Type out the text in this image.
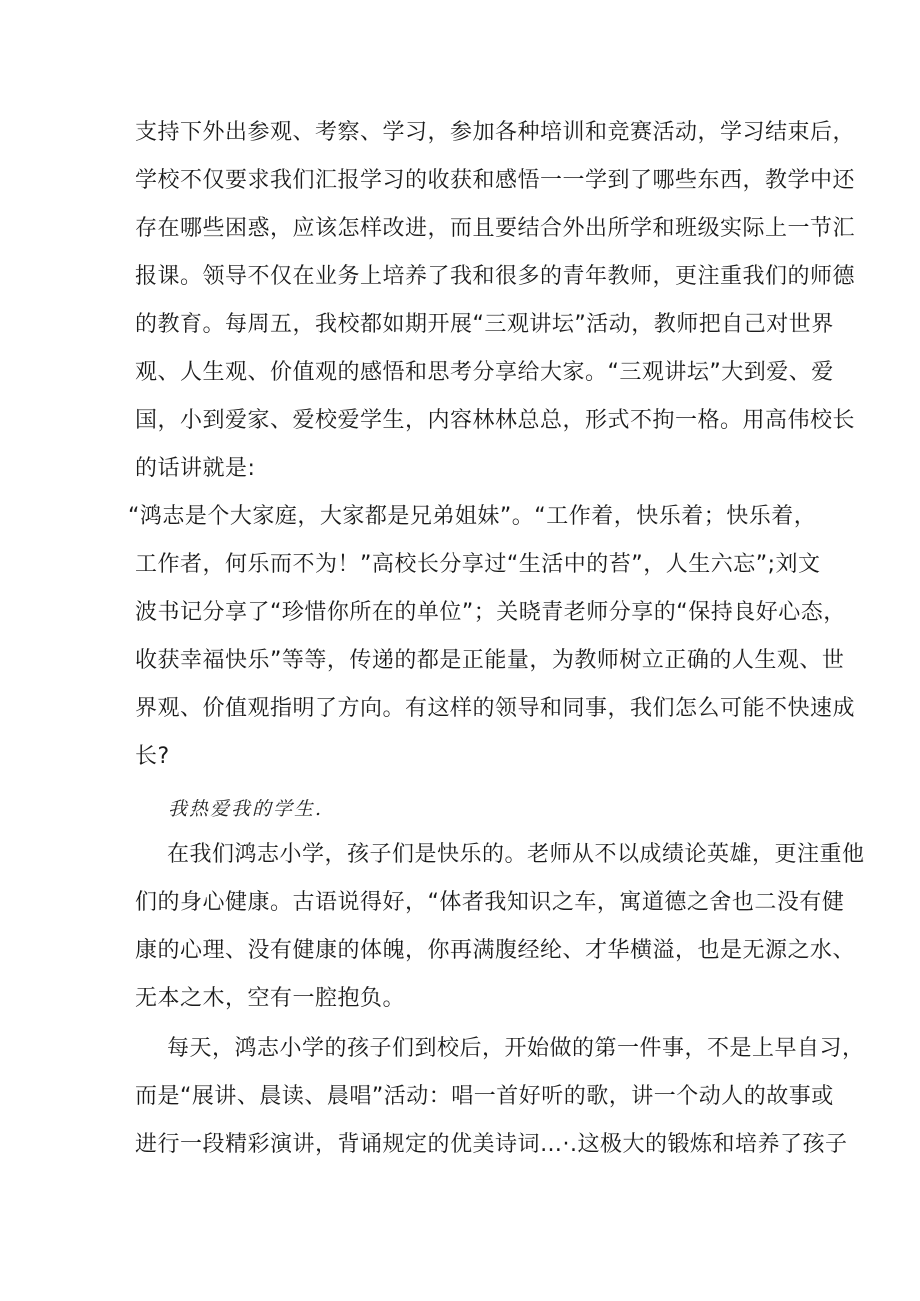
支持下外出参观、考察、学习，参加各种培训和竞赛活动，学习结束后，
学校不仅要求我们汇报学习的收获和感悟一一学到了哪些东西，教学中还
存在哪些困惑，应该怎样改进，而且要结合外出所学和班级实际上一节汇
报课。领导不仅在业务上培养了我和很多的青年教师，更注重我们的师德
的教育。每周五，我校都如期开展“三观讲坛”活动，教师把自己对世界
观、人生观、价值观的感悟和思考分享给大家。“三观讲坛”大到爱、爱
国，小到爱家、爱校爱学生，内容林林总总，形式不拘一格。用高伟校长
的话讲就是:
“鸿志是个大家庭，大家都是兄弟姐妹”。“工作着，快乐着；快乐着，
工作者，何乐而不为！”高校长分享过“生活中的苔”，人生六忘”;刘文
波书记分享了“珍惜你所在的单位”；关晓青老师分享的“保持良好心态，
收获幸福快乐”等等，传递的都是正能量，为教师树立正确的人生观、世
界观、价值观指明了方向。有这样的领导和同事，我们怎么可能不快速成
长?
我热爱我的学生.
在我们鸿志小学，孩子们是快乐的。老师从不以成绩论英雄，更注重他
们的身心健康。古语说得好，“体者我知识之车，寓道德之舍也二没有健
康的心理、没有健康的体魄，你再满腹经纶、才华横溢，也是无源之水、
无本之木，空有一腔抱负。
每天，鸿志小学的孩子们到校后，开始做的第一件事，不是上早自习，
而是“展讲、晨读、晨唱”活动：唱一首好听的歌，讲一个动人的故事或
进行一段精彩演讲，背诵规定的优美诗词…·.这极大的锻炼和培养了孩子
